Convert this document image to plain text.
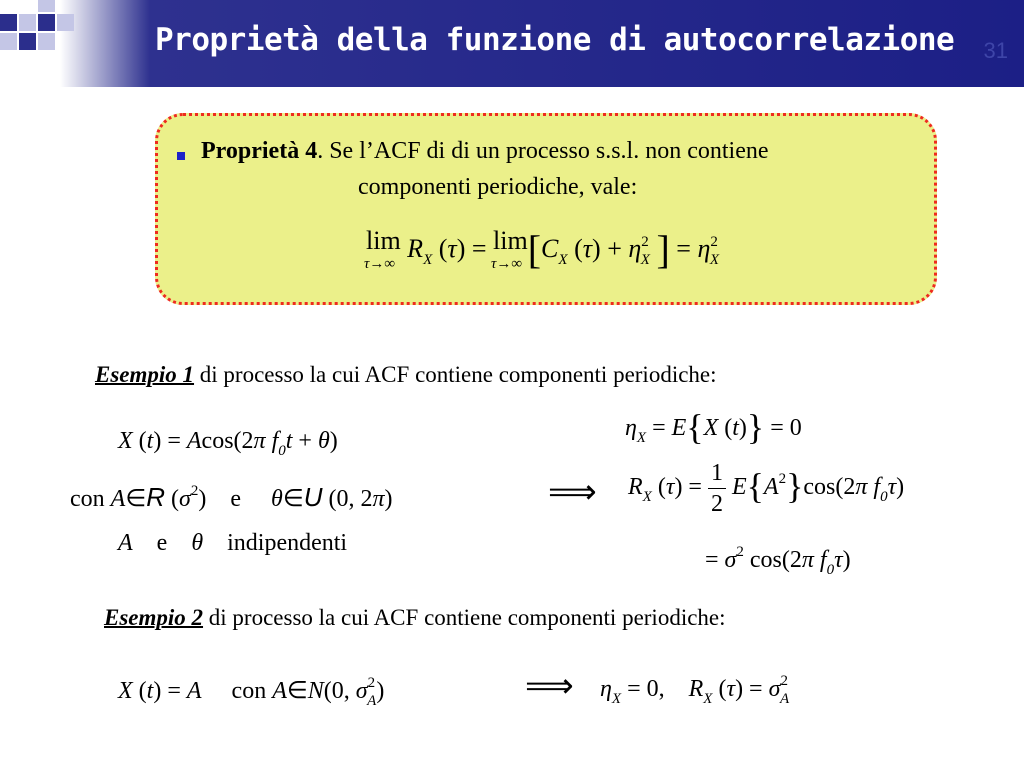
Proprietà della funzione di autocorrelazione 31
Proprietà 4. Se l’ACF di di un processo s.s.l. non contiene
componenti periodiche, vale:
lim
τ→∞
$R_X$ (τ) = lim
τ→∞ [$C_X$ $(\tau) + \eta^2_X$ ] = $\eta^2_X$
Esempio 1 di processo la cui ACF contiene componenti periodiche:
X (t) = Acos(2π $f_0t + \theta$)
con A∈R $(\sigma^2)$    e θ∈U (0, 2π)
A e θ indipendenti
⟹
$\eta_X = E\{X$ (t)} = 0
$R_X$ $(\tau) = \frac{1}{2} E\{A^2\}\cos(2\pi$ $f_0\tau$)
= $\sigma^2$ cos(2π $f_0\tau$)
Esempio 2 di processo la cui ACF contiene componenti periodiche:
X (t) = A con A∈N(0, $\sigma^2_A$)	⟹ $\eta_X = 0$,    $R_X$ $(\tau) = \sigma^2_A$
